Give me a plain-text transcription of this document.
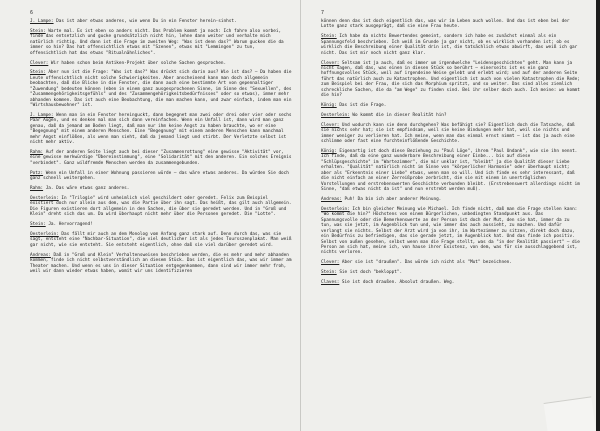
6

J. Lampe: Das ist aber etwas anderes, wie wenn Du in ein Fenster herein-sinhst.

Stein: Warte mal. Es ist eben so anders nicht. Das Problem kommt ja noch: Ich fahre also vorbei, finde das entsetzlich und gucke grundsätzlich nicht hin, lehne dann weiter und verhalte mich natürlich richtig. Und dann ist die Frage im zweiten Weg: "Was ist denn das?" Warum gucken die da immer so hin? Das hat offensichtlich etwas mit "Szenen", etwas mit "Lemmingen" zu tun, offensichtlich hat das etwas "Ritualnähnliches".

Clever: Wir haben schon beim Antiken-Projekt über solche Sachen gesprochen.

Stein: Aber nun ist die Frage: "Was ist das?" Was drückt sich darin aus? Wie ist das? – Da haben die Leute offensichtlich nicht solche Schwierigkeiten. Aber anscheinend kann man doch allgemein beobachten, daß die Blicke in die Fenster, die dann auch eine bestimmte Art von gepennaltiger "Zuwendung" bedeuten können (eben in einem ganz ausgesprochenen Sinne, im Sinne des "Sexuellen", des "Zusammengehörigkeitsgefühls" und des "Zusammengehörigkeitsbedürfnisses" oder so etwas), immer mehr abhanden kommen. Das ist auch eine Beobachtung, die man machen kann, und zwar einfach, indem man ein "Wirtshausbewohner" ist.

J. Lampe: Wenn man in ein Fenster hereinguckt, dann begegnet man zwei oder drei oder vier oder sechs Paar Augen, und es denken mal man sich dann vereinfachen. Wenn ein Unfall ist, dann wird man ganz genau, daß da jemand am Boden liegt, daß man nur ihm keine Angst zu haben brauchte, wo er eine "Begegnung" mit einem anderen Menschen. Eine "Begegnung" mit einem anderen Menschen kann manchmal mehr Angst einflößen, als wenn man sieht, daß da jemand liegt und stirbt. Der Verletzte selbst ist nicht mehr aktiv.

Rahm: Auf der anderen Seite liegt auch bei dieser "Zusammenrottung" eine gewisse "Aktivität" vor, eine gewisse merkwürdige "Übereinstimmung", eine "Solidarität" mit den anderen. Ein solches Ereignis "verbindet". Ganz wildfremde Menschen werden da zusammengebunden.

Potz: Wenn ein Unfall in einer Wohnung passieren würde – das wäre etwas anderes. Da würden Sie doch ganz schnell weitergehen.

Rahm: Ja. Das wäre etwas ganz anderes.

Oesterlein: In "Trilogie" wird unheimlich viel geschildert oder geredet. Felix zum Beispiel existiert doch nur allein aus dem, was die Partie über ihn sagt. Das heißt, das gilt auch allgemein. Die Figuren existieren dort allgemein in den Sachen, die über sie geredet werden. Und in "Groß und Klein" dreht sich das um. Da wird überhaupt nicht mehr über die Personen geredet. Die "Lotte".

Stein: Ja. Hervorragend!

Oesterlein: Das fällt mir auch an dem Monolog vom Anfang ganz stark auf. Denn durch das, was sie sagt, entsteht eine "Nachbar-Situation", die viel deutlicher ist als jedes Toursszenplakat. Man weiß gar nicht, wie sie entsteht. Sie entsteht eigentlich, ohne daß sie viel darüber geredet wird.

Andreas: Daß in "Groß und Klein" Verhaltensweisen beschrieben werden, die es mehr und mehr abhanden kommen, finde ich nicht selbstverständlich an diesem Stück. Das ist eigentlich das, was wir immer am Theater machen. Und wenn es uns in dieser Situation entgegenkommen, dann sind wir immer mehr froh, weil wir dann wieder etwas haben, womit wir uns identifizieren

7

können denn das ist doch eigentlich das, was wir im Leben auch wollen. Und das ist eben bei der Lotte ganz stark ausgeprägt, daß sie eine Frau heute.

Stein: Ich habe da nichts Bewertendes gemeint, sondern ich habe es zunächst einmal als ein Spannungsfeld beschrieben. Ich weiß im Grunde ja gar nicht, ob es wirklich vorhanden ist; ob es wirklich die Beschreibung einer Qualität drin ist, die tatsächlich etwas abwirft, das weiß ich gar nicht. Das ist mir noch nicht ganz klar.

Clever: Seltsam ist ja auch, daß es immer um irgendwelche "Leidensgeschichten" geht. Man kann ja nicht sagen, daß das, was einen in diesen Stück so berührt – einerseits ist es ein ganz hoffnungsvolles Stück, weil auf irgendeine Weise gelebt und erlebt wird; und auf der anderen Seite führt das natürlich auch zu Katastrophen. Und eigentlich ist auch von vielen Katastrophen die Rede; zum Beispiel bei der Frau, die sich das Morphium spritzt, und so weiter. Das sind alles ziemlich schreckliche Sachen, die da "am Wege" zu finden sind. Bei ihr selber doch auch. Ich meine: wo kommt die hin?

König: Das ist die Frage.

Oesterlein: Wo kommt die in dieser Realität hin?

Clever: Und wodurch kann sie denn durchgehen? Was befähigt sie? Eigentlich doch die Tatsache, daß sie nichts sehr hat; sie ist empfindsam, weil sie keine Bindungen mehr hat, weil sie nichts und immer weniger zu verlieren hat. Ich meine, wenn man das einmal ernst nimmt – ist das ja auch eine schlimme oder fast eine furchteinflößende Geschichte.

König: Eigenartig ist doch diese Beziehung zu "Paul Löge", ihrem "Paul Undank", wie sie ihn nennt. Ich finde, daß da eine ganz wunderbare Beschreibung einer Einbe... bis auf diese "Schlüpsgeschichte" im "Wartezimmer", die mir unklar ist, "bleibt" ja die Qualität dieser Liebe erhalten. "Qualität" natürlich nicht im Sinne von "körperlicher Harmonie" oder überhaupt nicht; aber als "Erkenntnis einer Liebe" etwas, wenn man so will. Und ich finde es sehr interessant, daß die nicht einfach an einer Zerreißprobe zerbricht, die sie mit einem in unerträglichen Vorstellungen und erstrebenswerten Geschichte verbunden bleibt. (Erstrebenswert allerdings nicht im Sinne, "daß etwas nicht da ist" und nun erstrebt werden muß).

Andreas: Puh! Da bin ich aber anderer Meinung.

Oesterlein: Ich bin gleicher Meinung wie Michael. Ich finde nicht, daß man die Frage stellen kann: "Wo kommt die hin?" Höchstens von einem Bürgerlichen, unbedingten Standpunkt aus. Das Spannungsvolle oder die Bemerkenswerte an der Person ist doch der Mut, den sie hat, immer da zu tun, was sie jetzt, im Augenblick tun und, wie immer das auch aussieht, zu machen. Und dafür verlangt sie nichts. Selbst der Arzt wird ja von ihr, im Wartezimmer zu sitzen, direkt doch dazu, ein Bedürfnis zu befriedigen, das sie gerade jetzt, im Augenblick hat. Und das finde ich positiv. Selbst von außen gesehen, selbst wenn man die Frage stellt, was da "in der Realität passiert" – die Person an sich hat, meine ich, von hause ihrer Existenz, von dem, was für sie ausschlaggebend ist, nichts verloren.

Clever: Aber sie ist "draußen". Das würde ich nicht als "Mut" bezeichnen.

Stein: Sie ist doch "bekloppt".

Claves: Sie ist doch draußen. Absolut draußen. Weg.
